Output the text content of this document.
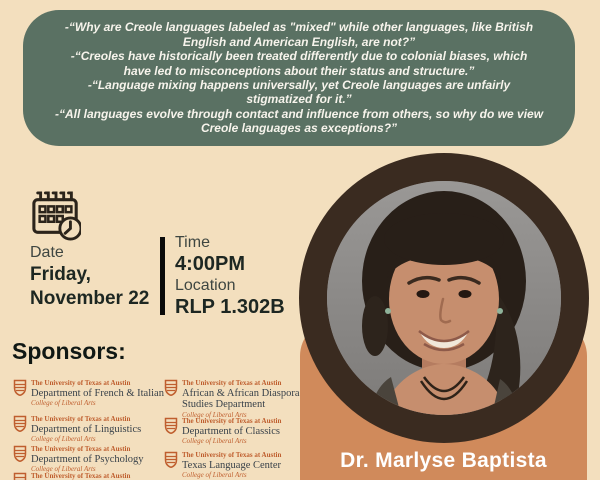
-“Why are Creole languages labeled as "mixed" while other languages, like British
English and American English, are not?”
-“Creoles have historically been treated differently due to colonial biases, which
have led to misconceptions about their status and structure.”
-“Language mixing happens universally, yet Creole languages are unfairly
stigmatized for it.”
-“All languages evolve through contact and influence from others, so why do we view
Creole languages as exceptions?”
Date
Friday,
November 22
Time
4:00PM
Location
RLP 1.302B
Sponsors:
The University of Texas at Austin
Department of French & Italian
College of Liberal Arts
The University of Texas at Austin
Department of Linguistics
College of Liberal Arts
The University of Texas at Austin
Department of Psychology
College of Liberal Arts
The University of Texas at Austin
The University of Texas at Austin
African & African Diaspora Studies Department
College of Liberal Arts
The University of Texas at Austin
Department of Classics
College of Liberal Arts
The University of Texas at Austin
Texas Language Center
College of Liberal Arts
Dr. Marlyse Baptista
